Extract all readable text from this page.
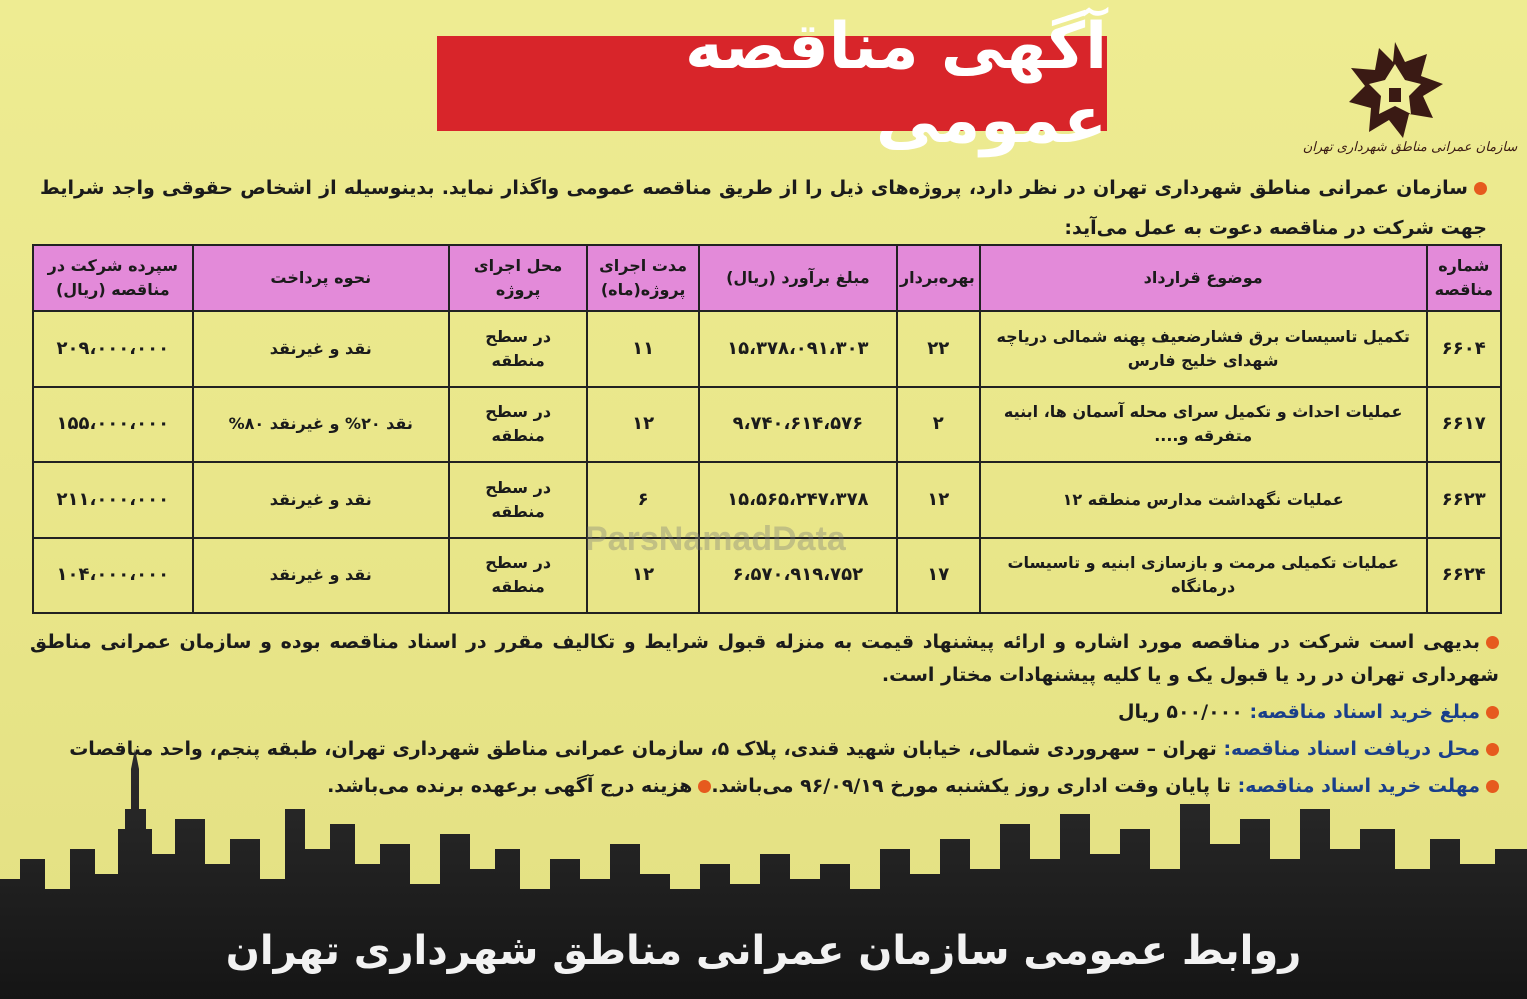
سازمان عمرانی مناطق شهرداری تهران
آگهی مناقصه عمومی
سازمان عمرانی مناطق شهرداری تهران در نظر دارد، پروژه‌های ذیل را از طریق مناقصه عمومی واگذار نماید. بدینوسیله از اشخاص حقوقی واجد شرایط جهت شرکت در مناقصه دعوت به عمل می‌آید:
شماره مناقصه	موضوع قرارداد	بهره‌بردار	مبلغ برآورد (ریال)	مدت اجرای پروژه(ماه)	محل اجرای پروژه	نحوه پرداخت	سپرده شرکت در مناقصه (ریال)
۶۶۰۴	تکمیل تاسیسات برق فشارضعیف پهنه شمالی دریاچه شهدای خلیج فارس	۲۲	۱۵،۳۷۸،۰۹۱،۳۰۳	۱۱	در سطح منطقه	نقد و غیرنقد	۲۰۹،۰۰۰،۰۰۰
۶۶۱۷	عملیات احداث و تکمیل سرای محله آسمان ها، ابنیه متفرقه و....	۲	۹،۷۴۰،۶۱۴،۵۷۶	۱۲	در سطح منطقه	نقد ۲۰% و غیرنقد ۸۰%	۱۵۵،۰۰۰،۰۰۰
۶۶۲۳	عملیات نگهداشت مدارس منطقه ۱۲	۱۲	۱۵،۵۶۵،۲۴۷،۳۷۸	۶	در سطح منطقه	نقد و غیرنقد	۲۱۱،۰۰۰،۰۰۰
۶۶۲۴	عملیات تکمیلی مرمت و بازسازی ابنیه و تاسیسات درمانگاه	۱۷	۶،۵۷۰،۹۱۹،۷۵۲	۱۲	در سطح منطقه	نقد و غیرنقد	۱۰۴،۰۰۰،۰۰۰
ParsNamadData

بدیهی است شرکت در مناقصه مورد اشاره و ارائه پیشنهاد قیمت به منزله قبول شرایط و تکالیف مقرر در اسناد مناقصه بوده و سازمان عمرانی مناطق شهرداری تهران در رد یا قبول یک و یا کلیه پیشنهادات مختار است.

مبلغ خرید اسناد مناقصه: ۵۰۰/۰۰۰ ریال

محل دریافت اسناد مناقصه: تهران – سهروردی شمالی، خیابان شهید قندی، پلاک ۵، سازمان عمرانی مناطق شهرداری تهران، طبقه پنجم، واحد مناقصات

مهلت خرید اسناد مناقصه: تا پایان وقت اداری روز یکشنبه مورخ ۹۶/۰۹/۱۹ می‌باشد.هزینه درج آگهی برعهده برنده می‌باشد.

روابط عمومی سازمان عمرانی مناطق شهرداری تهران
